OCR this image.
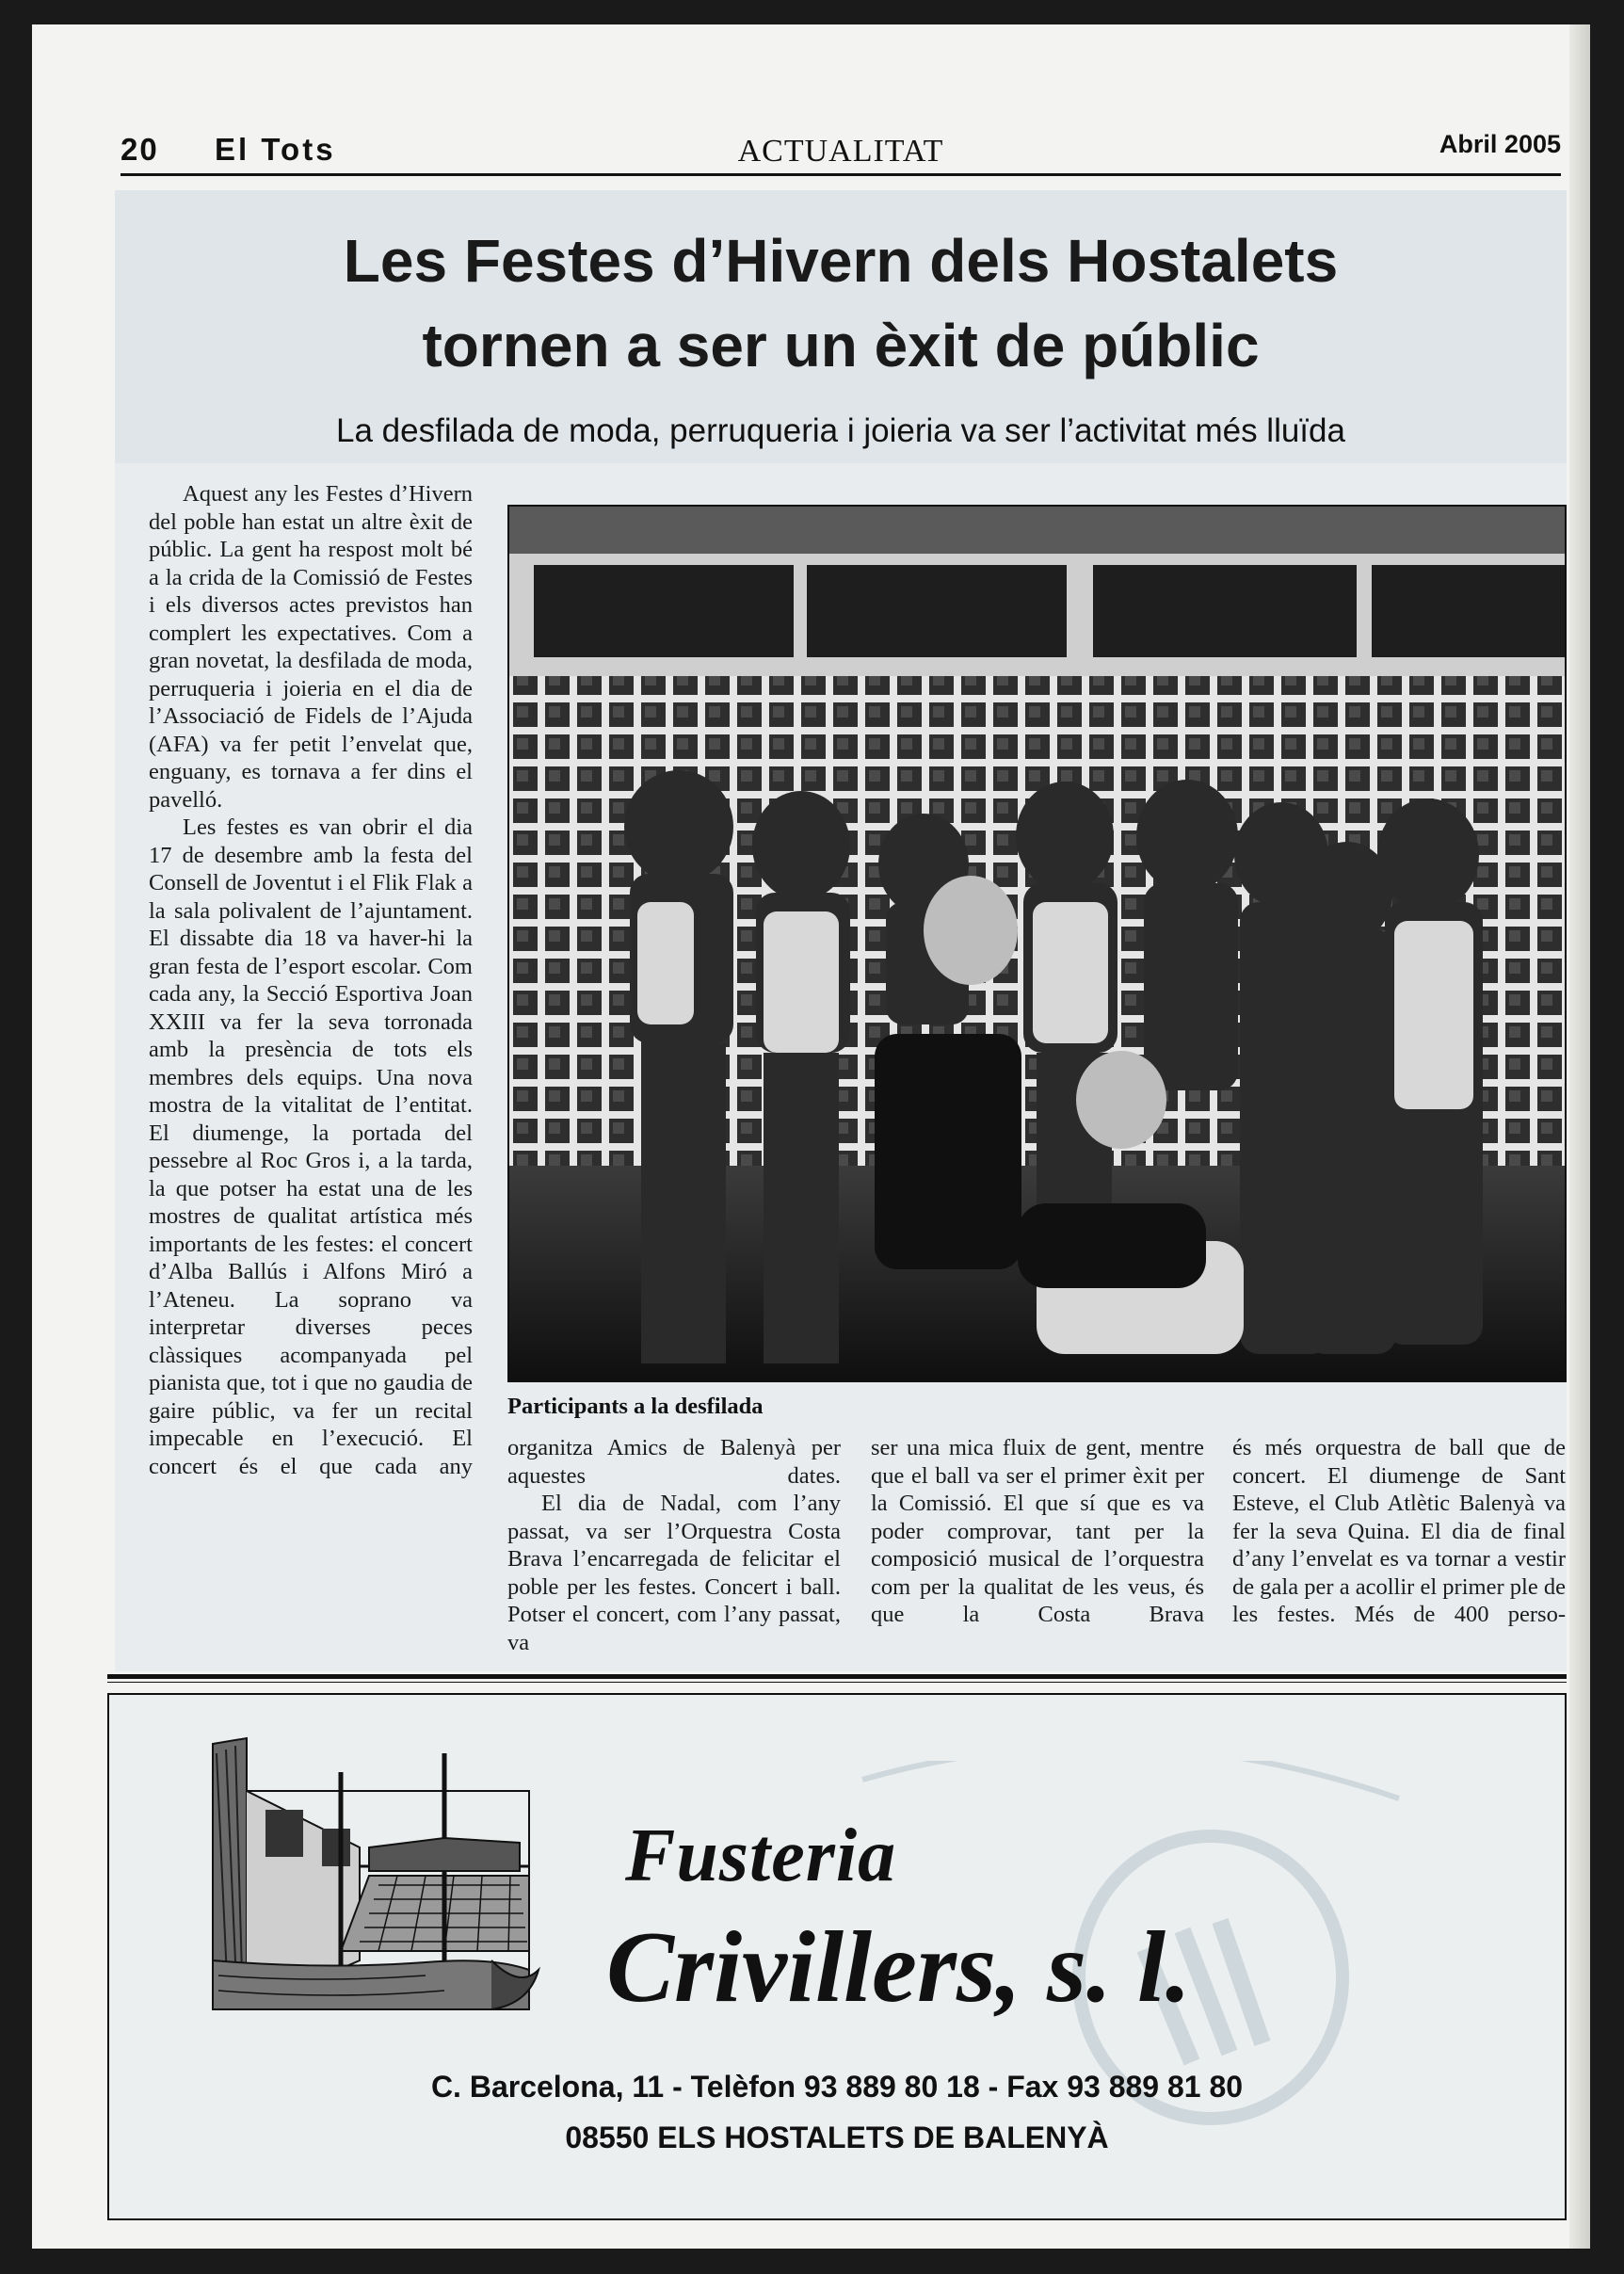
20 El Tots	ACTUALITAT	Abril 2005
Les Festes d’Hivern dels Hostalets
tornen a ser un èxit de públic
La desfilada de moda, perruqueria i joieria va ser l’activitat més lluïda

Aquest any les Festes d’Hivern del poble han estat un altre èxit de públic. La gent ha respost molt bé a la crida de la Comissió de Festes i els diversos actes previstos han complert les expectatives. Com a gran novetat, la desfilada de moda, perruqueria i joieria en el dia de l’Associació de Fidels de l’Ajuda (AFA) va fer petit l’envelat que, enguany, es tornava a fer dins el pavelló.

Les festes es van obrir el dia 17 de desembre amb la festa del Consell de Joventut i el Flik Flak a la sala polivalent de l’ajuntament. El dissabte dia 18 va haver-hi la gran festa de l’esport escolar. Com cada any, la Secció Esportiva Joan XXIII va fer la seva torronada amb la presència de tots els membres dels equips. Una nova mostra de la vitalitat de l’entitat. El diumenge, la portada del pessebre al Roc Gros i, a la tarda, la que potser ha estat una de les mostres de qualitat artística més importants de les festes: el concert d’Alba Ballús i Alfons Miró a l’Ateneu. La soprano va interpretar diverses peces clàssiques acompanyada pel pianista que, tot i que no gaudia de gaire públic, va fer un recital impecable en l’execució. El concert és el que cada any

Participants a la desfilada

organitza Amics de Balenyà per aquestes dates.

El dia de Nadal, com l’any passat, va ser l’Orquestra Costa Brava l’encarregada de felicitar el poble per les festes. Concert i ball. Potser el concert, com l’any passat, va

ser una mica fluix de gent, mentre que el ball va ser el primer èxit per la Comissió. El que sí que es va poder comprovar, tant per la composició musical de l’orquestra com per la qualitat de les veus, és que la Costa Brava

és més orquestra de ball que de concert. El diumenge de Sant Esteve, el Club Atlètic Balenyà va fer la seva Quina. El dia de final d’any l’envelat es va tornar a vestir de gala per a acollir el primer ple de les festes. Més de 400 perso-

Fusteria
Crivillers, s. l.
C. Barcelona, 11 - Telèfon 93 889 80 18 - Fax 93 889 81 80
08550 ELS HOSTALETS DE BALENYÀ
